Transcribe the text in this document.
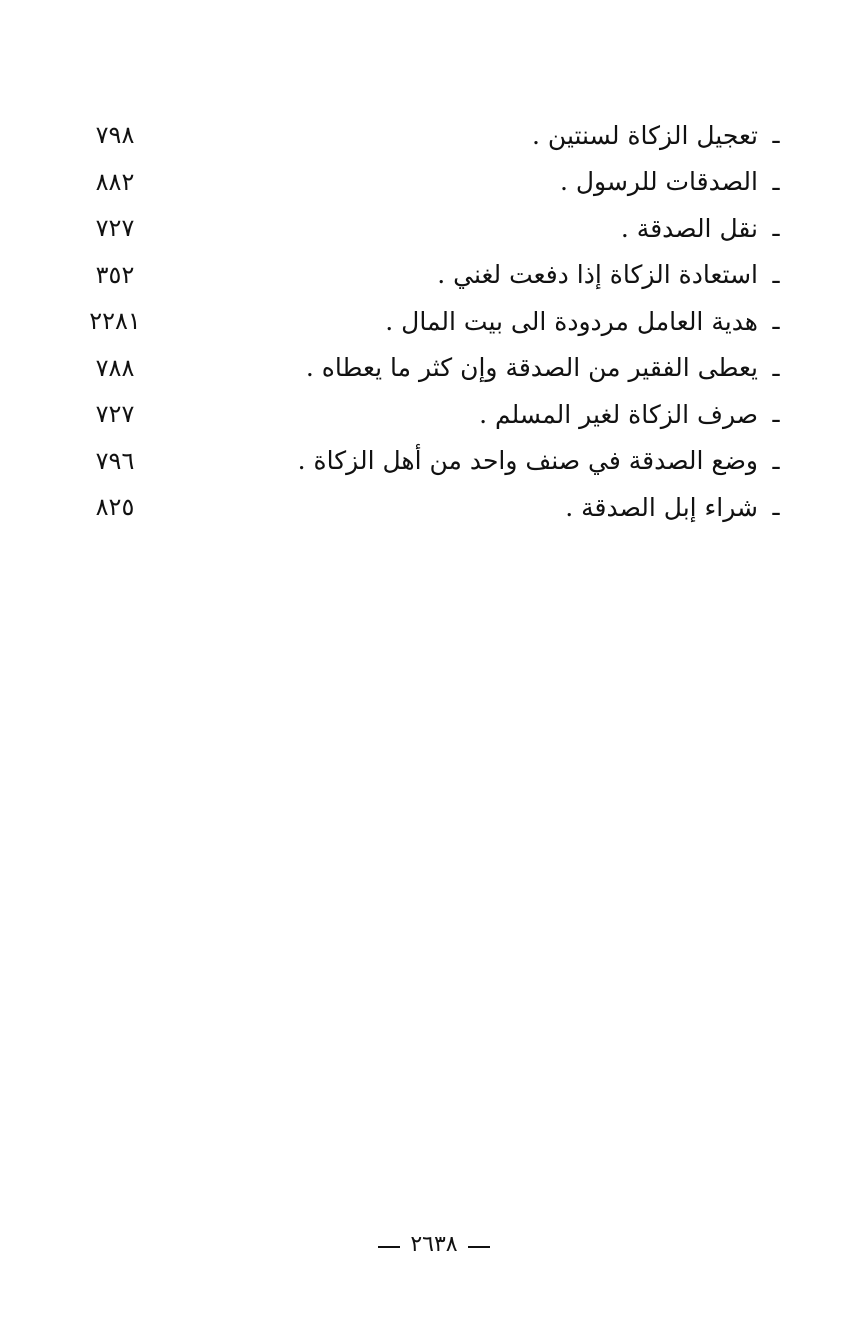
ـ
تعجيل الزكاة لسنتين .
٧٩٨
ـ
الصدقات للرسول .
٨٨٢
ـ
نقل الصدقة .
٧٢٧
ـ
استعادة الزكاة إذا دفعت لغني .
٣٥٢
ـ
هدية العامل مردودة الى بيت المال .
٢٢٨١
ـ
يعطى الفقير من الصدقة وإن كثر ما يعطاه .
٧٨٨
ـ
صرف الزكاة لغير المسلم .
٧٢٧
ـ
وضع الصدقة في صنف واحد من أهل الزكاة .
٧٩٦
ـ
شراء إبل الصدقة .
٨٢٥
٢٦٣٨
